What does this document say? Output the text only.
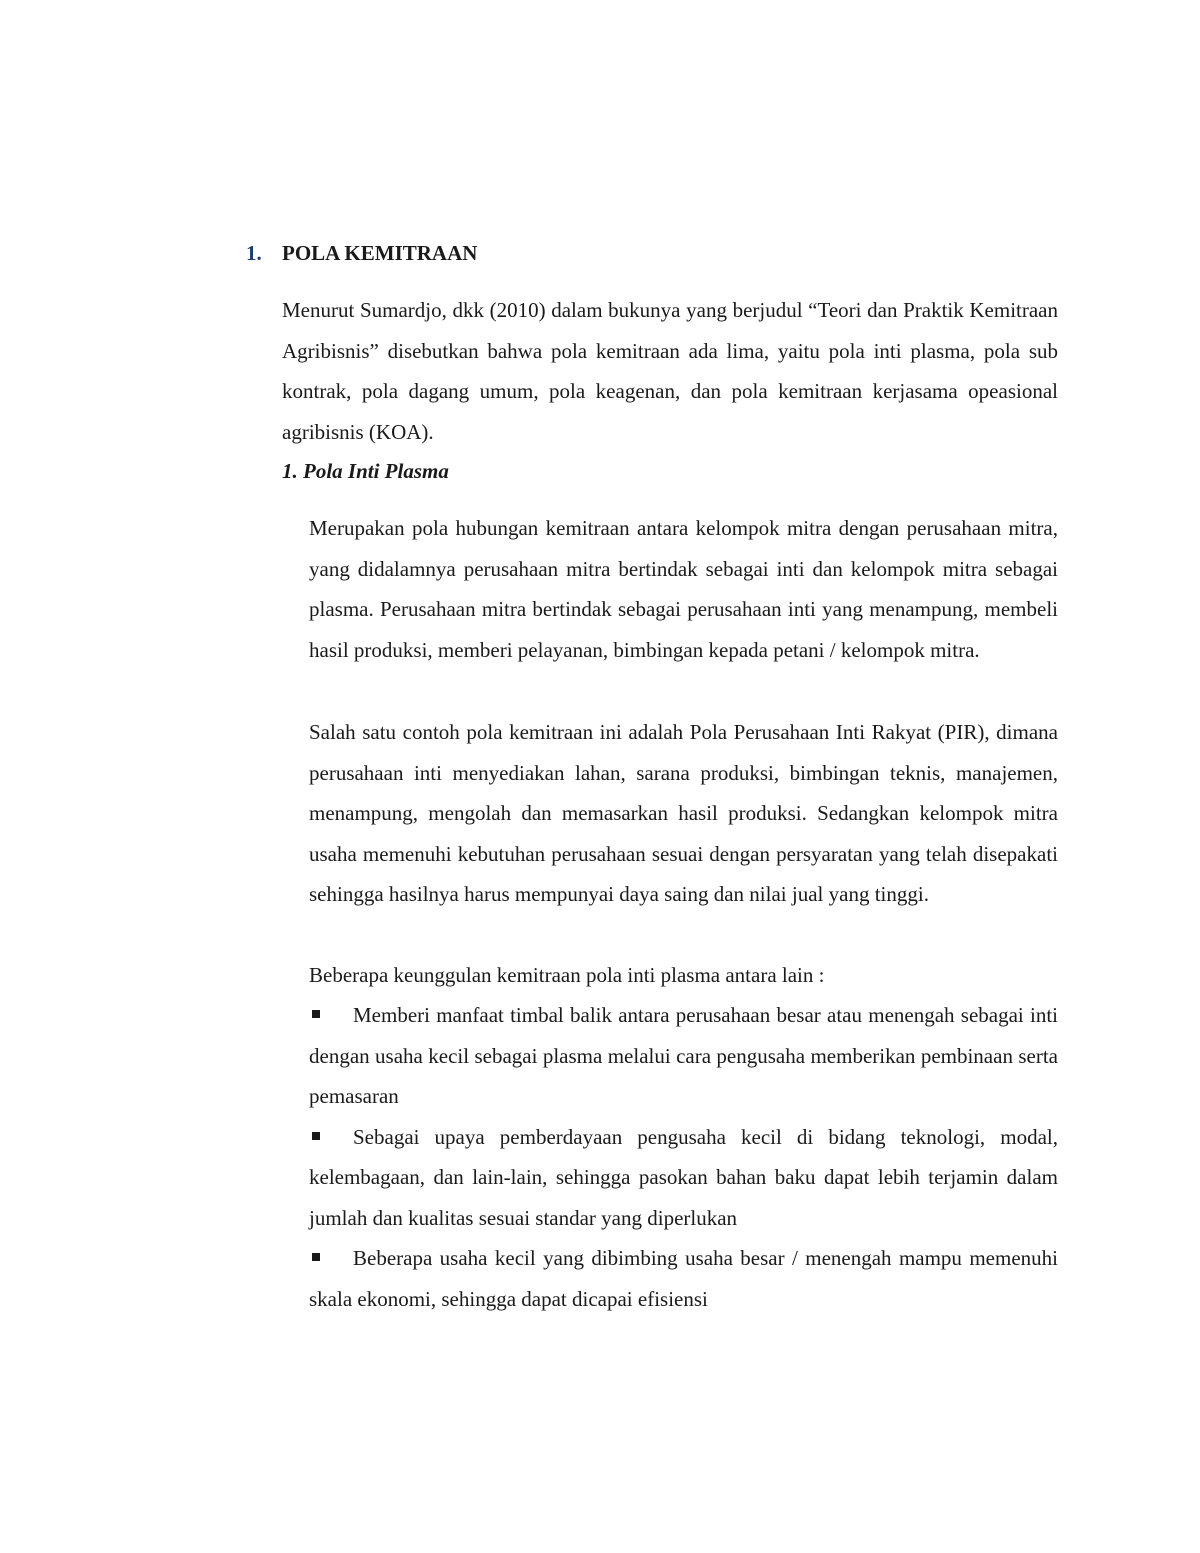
1. POLA KEMITRAAN

Menurut Sumardjo, dkk (2010) dalam bukunya yang berjudul “Teori dan Praktik Kemitraan Agribisnis” disebutkan bahwa pola kemitraan ada lima, yaitu pola inti plasma, pola sub kontrak, pola dagang umum, pola keagenan, dan pola kemitraan kerjasama opeasional agribisnis (KOA).

1. Pola Inti Plasma

Merupakan pola hubungan kemitraan antara kelompok mitra dengan perusahaan mitra, yang didalamnya perusahaan mitra bertindak sebagai inti dan kelompok mitra sebagai plasma. Perusahaan mitra bertindak sebagai perusahaan inti yang menampung, membeli hasil produksi, memberi pelayanan, bimbingan kepada petani / kelompok mitra.

Salah satu contoh pola kemitraan ini adalah Pola Perusahaan Inti Rakyat (PIR), dimana perusahaan inti menyediakan lahan, sarana produksi, bimbingan teknis, manajemen, menampung, mengolah dan memasarkan hasil produksi. Sedangkan kelompok mitra usaha memenuhi kebutuhan perusahaan sesuai dengan persyaratan yang telah disepakati sehingga hasilnya harus mempunyai daya saing dan nilai jual yang tinggi.

Beberapa keunggulan kemitraan pola inti plasma antara lain :

Memberi manfaat timbal balik antara perusahaan besar atau menengah sebagai inti dengan usaha kecil sebagai plasma melalui cara pengusaha memberikan pembinaan serta pemasaran
Sebagai upaya pemberdayaan pengusaha kecil di bidang teknologi, modal, kelembagaan, dan lain-lain, sehingga pasokan bahan baku dapat lebih terjamin dalam jumlah dan kualitas sesuai standar yang diperlukan
Beberapa usaha kecil yang dibimbing usaha besar / menengah mampu memenuhi skala ekonomi, sehingga dapat dicapai efisiensi
